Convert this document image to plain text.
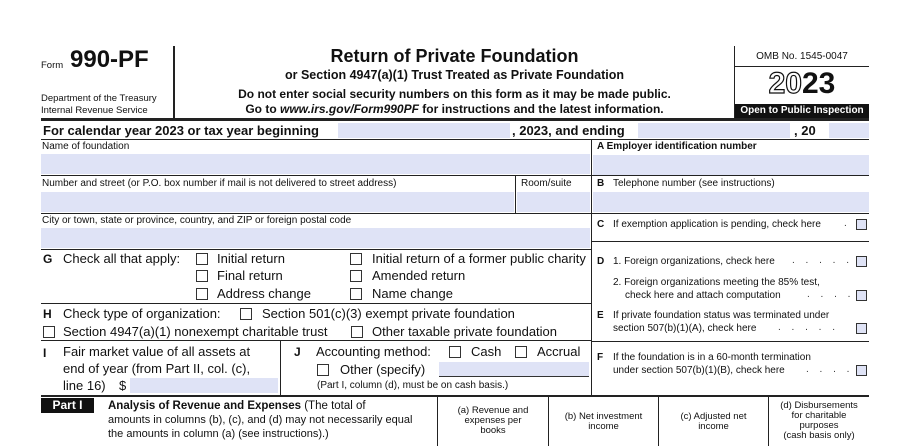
Form 990-PF
Department of the Treasury
Internal Revenue Service
Return of Private Foundation
or Section 4947(a)(1) Trust Treated as Private Foundation
Do not enter social security numbers on this form as it may be made public.
Go to www.irs.gov/Form990PF for instructions and the latest information.
OMB No. 1545-0047
2023
Open to Public Inspection
For calendar year 2023 or tax year beginning	, 2023, and ending	, 20
Name of foundation
Number and street (or P.O. box number if mail is not delivered to street address)	Room/suite
City or town, state or province, country, and ZIP or foreign postal code
A Employer identification number
B Telephone number (see instructions)
C If exemption application is pending, check here .
D 1. Foreign organizations, check here . . . . .
2. Foreign organizations meeting the 85% test,
check here and attach computation	. . . .
E If private foundation status was terminated under
section 507(b)(1)(A), check here . . . . .
F If the foundation is in a 60-month termination
under section 507(b)(1)(B), check here . . . .
G Check all that apply:	Initial return	Initial return of a former public charity
Final return	Amended return
Address change	Name change
H Check type of organization:	Section 501(c)(3) exempt private foundation
Section 4947(a)(1) nonexempt charitable trust	Other taxable private foundation
I Fair market value of all assets at
end of year (from Part II, col. (c),
line 16) $
J Accounting method:	Cash	Accrual
Other (specify)
(Part I, column (d), must be on cash basis.)
Part I	Analysis of Revenue and Expenses (The total of
amounts in columns (b), (c), and (d) may not necessarily equal
the amounts in column (a) (see instructions).)
(a) Revenue and
expenses per
books
(b) Net investment
income
(c) Adjusted net
income
(d) Disbursements
for charitable
purposes
(cash basis only)
